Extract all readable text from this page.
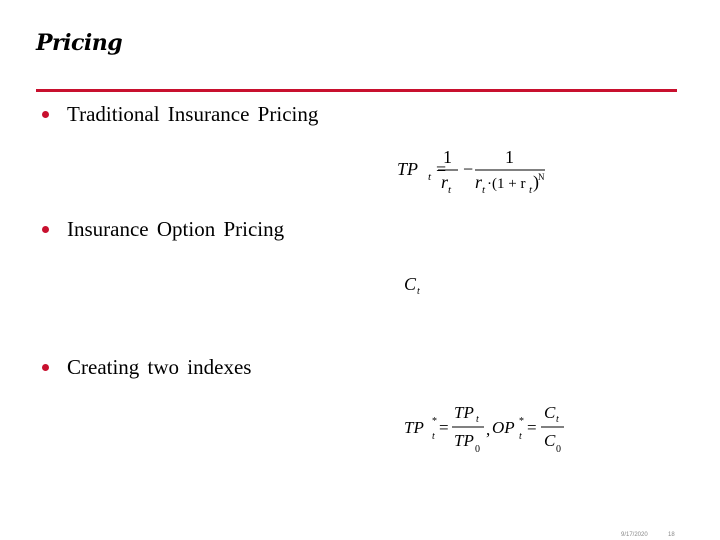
Pricing
Traditional Insurance Pricing
TP t =
1
r t
−
1
r t ·(1 + r t ) N
Insurance Option Pricing
C t
Creating two indexes
TP *
t =
TP t
TP 0
, OP *
t =
C t
C 0
9/17/2020	18
